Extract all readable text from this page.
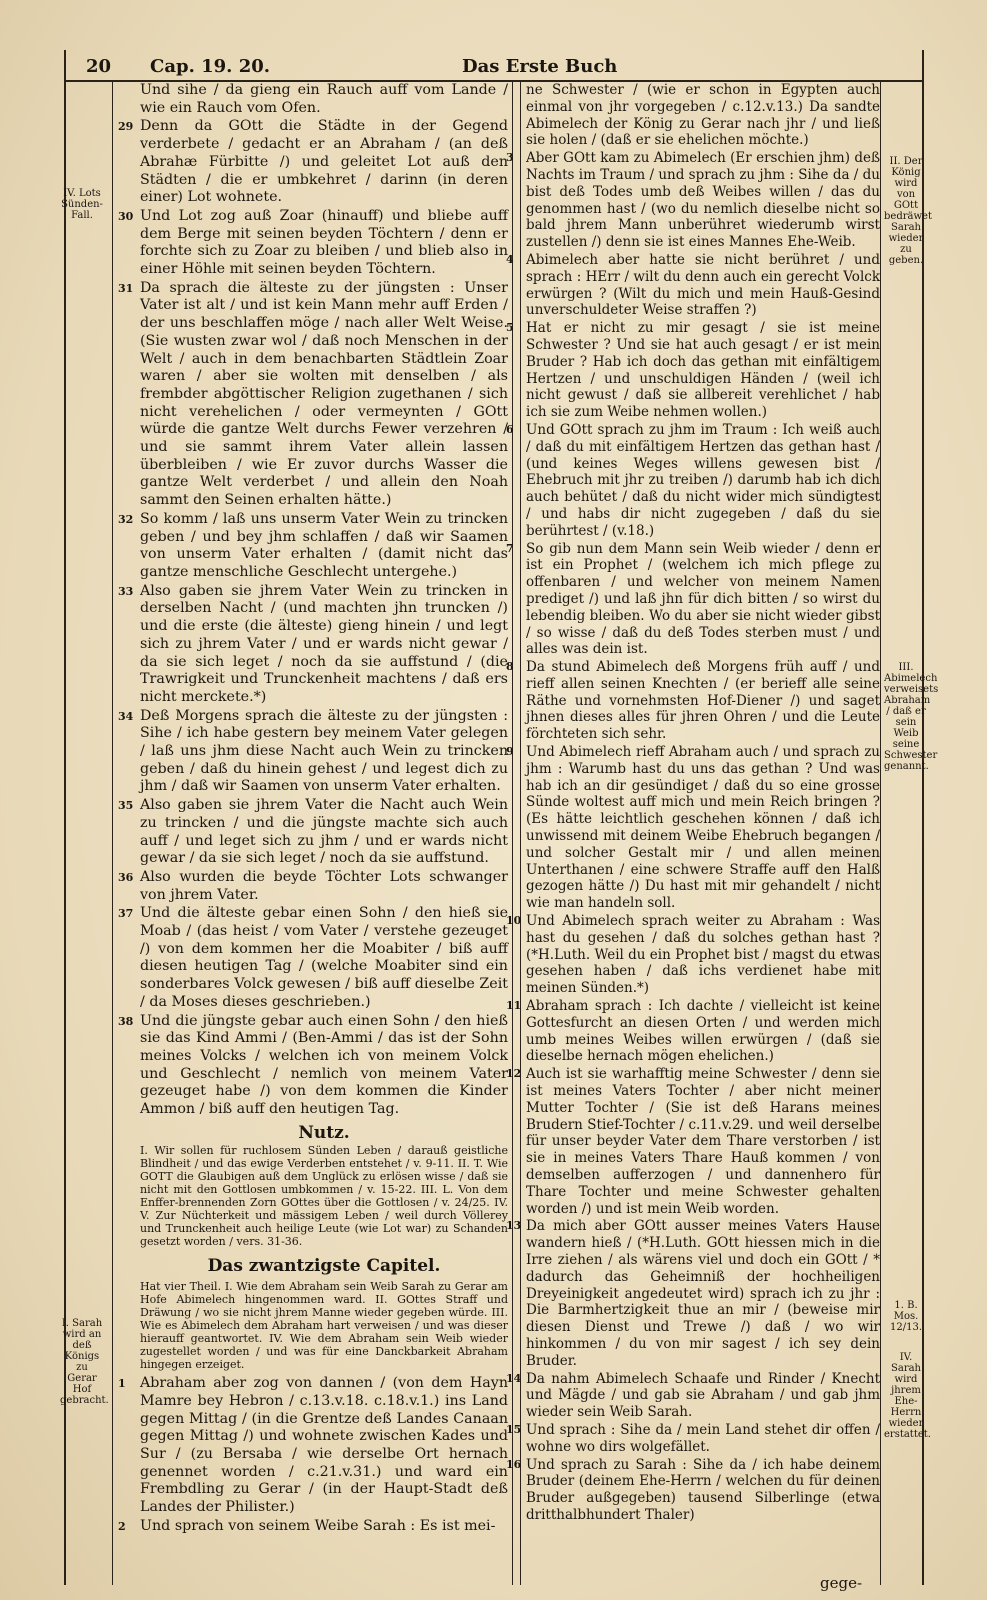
20 Cap. 19. 20.	Das Erste Buch
IV. Lots Sünden-Fall.
I. Sarah wird an deß Königs zu Gerar Hof gebracht.
II. Der König wird von GOtt bedräwet Sarah wieder zu geben.
III. Abimelech verweisets Abraham / daß er sein Weib seine Schwester genannt.
1. B. Mos. 12/13.
IV. Sarah wird jhrem Ehe-Herrn wieder erstattet.

Und sihe / da gieng ein Rauch auff vom Lande / wie ein Rauch vom Ofen.

29 Denn da GOtt die Städte in der Gegend verderbete / gedacht er an Abraham / (an deß Abrahæ Fürbitte /) und geleitet Lot auß den Städten / die er umbkehret / darinn (in deren einer) Lot wohnete.

30 Und Lot zog auß Zoar (hinauff) und bliebe auff dem Berge mit seinen beyden Töchtern / denn er forchte sich zu Zoar zu bleiben / und blieb also in einer Höhle mit seinen beyden Töchtern.

31 Da sprach die älteste zu der jüngsten : Unser Vater ist alt / und ist kein Mann mehr auff Erden / der uns beschlaffen möge / nach aller Welt Weise. (Sie wusten zwar wol / daß noch Menschen in der Welt / auch in dem benachbarten Städtlein Zoar waren / aber sie wolten mit denselben / als frembder abgöttischer Religion zugethanen / sich nicht verehelichen / oder vermeynten / GOtt würde die gantze Welt durchs Fewer verzehren / und sie sammt ihrem Vater allein lassen überbleiben / wie Er zuvor durchs Wasser die gantze Welt verderbet / und allein den Noah sammt den Seinen erhalten hätte.)

32 So komm / laß uns unserm Vater Wein zu trincken geben / und bey jhm schlaffen / daß wir Saamen von unserm Vater erhalten / (damit nicht das gantze menschliche Geschlecht untergehe.)

33 Also gaben sie jhrem Vater Wein zu trincken in derselben Nacht / (und machten jhn truncken /) und die erste (die älteste) gieng hinein / und legt sich zu jhrem Vater / und er wards nicht gewar / da sie sich leget / noch da sie auffstund / (die Trawrigkeit und Trunckenheit machtens / daß ers nicht merckete.*)

34 Deß Morgens sprach die älteste zu der jüngsten : Sihe / ich habe gestern bey meinem Vater gelegen / laß uns jhm diese Nacht auch Wein zu trincken geben / daß du hinein gehest / und legest dich zu jhm / daß wir Saamen von unserm Vater erhalten.

35 Also gaben sie jhrem Vater die Nacht auch Wein zu trincken / und die jüngste machte sich auch auff / und leget sich zu jhm / und er wards nicht gewar / da sie sich leget / noch da sie auffstund.

36 Also wurden die beyde Töchter Lots schwanger von jhrem Vater.

37 Und die älteste gebar einen Sohn / den hieß sie Moab / (das heist / vom Vater / verstehe gezeuget /) von dem kommen her die Moabiter / biß auff diesen heutigen Tag / (welche Moabiter sind ein sonderbares Volck gewesen / biß auff dieselbe Zeit / da Moses dieses geschrieben.)

38 Und die jüngste gebar auch einen Sohn / den hieß sie das Kind Ammi / (Ben-Ammi / das ist der Sohn meines Volcks / welchen ich von meinem Volck und Geschlecht / nemlich von meinem Vater gezeuget habe /) von dem kommen die Kinder Ammon / biß auff den heutigen Tag.

Nutz.

I. Wir sollen für ruchlosem Sünden Leben / darauß geistliche Blindheit / und das ewige Verderben entstehet / v. 9-11. II. T. Wie GOTT die Glaubigen auß dem Unglück zu erlösen wisse / daß sie nicht mit den Gottlosen umbkommen / v. 15-22. III. L. Von dem Enffer-brennenden Zorn GOttes über die Gottlosen / v. 24/25. IV. V. Zur Nüchterkeit und mässigem Leben / weil durch Völlerey und Trunckenheit auch heilige Leute (wie Lot war) zu Schanden gesetzt worden / vers. 31-36.

Das zwantzigste Capitel.

Hat vier Theil. I. Wie dem Abraham sein Weib Sarah zu Gerar am Hofe Abimelech hingenommen ward. II. GOttes Straff und Dräwung / wo sie nicht jhrem Manne wieder gegeben würde. III. Wie es Abimelech dem Abraham hart verweisen / und was dieser hierauff geantwortet. IV. Wie dem Abraham sein Weib wieder zugestellet worden / und was für eine Danckbarkeit Abraham hingegen erzeiget.

1 Abraham aber zog von dannen / (von dem Hayn Mamre bey Hebron / c.13.v.18. c.18.v.1.) ins Land gegen Mittag / (in die Grentze deß Landes Canaan gegen Mittag /) und wohnete zwischen Kades und Sur / (zu Bersaba / wie derselbe Ort hernach genennet worden / c.21.v.31.) und ward ein Frembdling zu Gerar / (in der Haupt-Stadt deß Landes der Philister.)

2 Und sprach von seinem Weibe Sarah : Es ist mei-

ne Schwester / (wie er schon in Egypten auch einmal von jhr vorgegeben / c.12.v.13.) Da sandte Abimelech der König zu Gerar nach jhr / und ließ sie holen / (daß er sie ehelichen möchte.)

3 Aber GOtt kam zu Abimelech (Er erschien jhm) deß Nachts im Traum / und sprach zu jhm : Sihe da / du bist deß Todes umb deß Weibes willen / das du genommen hast / (wo du nemlich dieselbe nicht so bald jhrem Mann unberühret wiederumb wirst zustellen /) denn sie ist eines Mannes Ehe-Weib.

4 Abimelech aber hatte sie nicht berühret / und sprach : HErr / wilt du denn auch ein gerecht Volck erwürgen ? (Wilt du mich und mein Hauß-Gesind unverschuldeter Weise straffen ?)

5 Hat er nicht zu mir gesagt / sie ist meine Schwester ? Und sie hat auch gesagt / er ist mein Bruder ? Hab ich doch das gethan mit einfältigem Hertzen / und unschuldigen Händen / (weil ich nicht gewust / daß sie allbereit verehlichet / hab ich sie zum Weibe nehmen wollen.)

6 Und GOtt sprach zu jhm im Traum : Ich weiß auch / daß du mit einfältigem Hertzen das gethan hast / (und keines Weges willens gewesen bist / Ehebruch mit jhr zu treiben /) darumb hab ich dich auch behütet / daß du nicht wider mich sündigtest / und habs dir nicht zugegeben / daß du sie berührtest / (v.18.)

7 So gib nun dem Mann sein Weib wieder / denn er ist ein Prophet / (welchem ich mich pflege zu offenbaren / und welcher von meinem Namen prediget /) und laß jhn für dich bitten / so wirst du lebendig bleiben. Wo du aber sie nicht wieder gibst / so wisse / daß du deß Todes sterben must / und alles was dein ist.

8 Da stund Abimelech deß Morgens früh auff / und rieff allen seinen Knechten / (er berieff alle seine Räthe und vornehmsten Hof-Diener /) und saget jhnen dieses alles für jhren Ohren / und die Leute förchteten sich sehr.

9 Und Abimelech rieff Abraham auch / und sprach zu jhm : Warumb hast du uns das gethan ? Und was hab ich an dir gesündiget / daß du so eine grosse Sünde woltest auff mich und mein Reich bringen ? (Es hätte leichtlich geschehen können / daß ich unwissend mit deinem Weibe Ehebruch begangen / und solcher Gestalt mir / und allen meinen Unterthanen / eine schwere Straffe auff den Halß gezogen hätte /) Du hast mit mir gehandelt / nicht wie man handeln soll.

10 Und Abimelech sprach weiter zu Abraham : Was hast du gesehen / daß du solches gethan hast ? (*H.Luth. Weil du ein Prophet bist / magst du etwas gesehen haben / daß ichs verdienet habe mit meinen Sünden.*)

11 Abraham sprach : Ich dachte / vielleicht ist keine Gottesfurcht an diesen Orten / und werden mich umb meines Weibes willen erwürgen / (daß sie dieselbe hernach mögen ehelichen.)

12 Auch ist sie warhafftig meine Schwester / denn sie ist meines Vaters Tochter / aber nicht meiner Mutter Tochter / (Sie ist deß Harans meines Brudern Stief-Tochter / c.11.v.29. und weil derselbe für unser beyder Vater dem Thare verstorben / ist sie in meines Vaters Thare Hauß kommen / von demselben aufferzogen / und dannenhero für Thare Tochter und meine Schwester gehalten worden /) und ist mein Weib worden.

13 Da mich aber GOtt ausser meines Vaters Hause wandern hieß / (*H.Luth. GOtt hiessen mich in die Irre ziehen / als wärens viel und doch ein GOtt / * dadurch das Geheimniß der hochheiligen Dreyeinigkeit angedeutet wird) sprach ich zu jhr : Die Barmhertzigkeit thue an mir / (beweise mir diesen Dienst und Trewe /) daß / wo wir hinkommen / du von mir sagest / ich sey dein Bruder.

14 Da nahm Abimelech Schaafe und Rinder / Knecht und Mägde / und gab sie Abraham / und gab jhm wieder sein Weib Sarah.

15 Und sprach : Sihe da / mein Land stehet dir offen / wohne wo dirs wolgefället.

16 Und sprach zu Sarah : Sihe da / ich habe deinem Bruder (deinem Ehe-Herrn / welchen du für deinen Bruder außgegeben) tausend Silberlinge (etwa dritthalbhundert Thaler)

gege-
